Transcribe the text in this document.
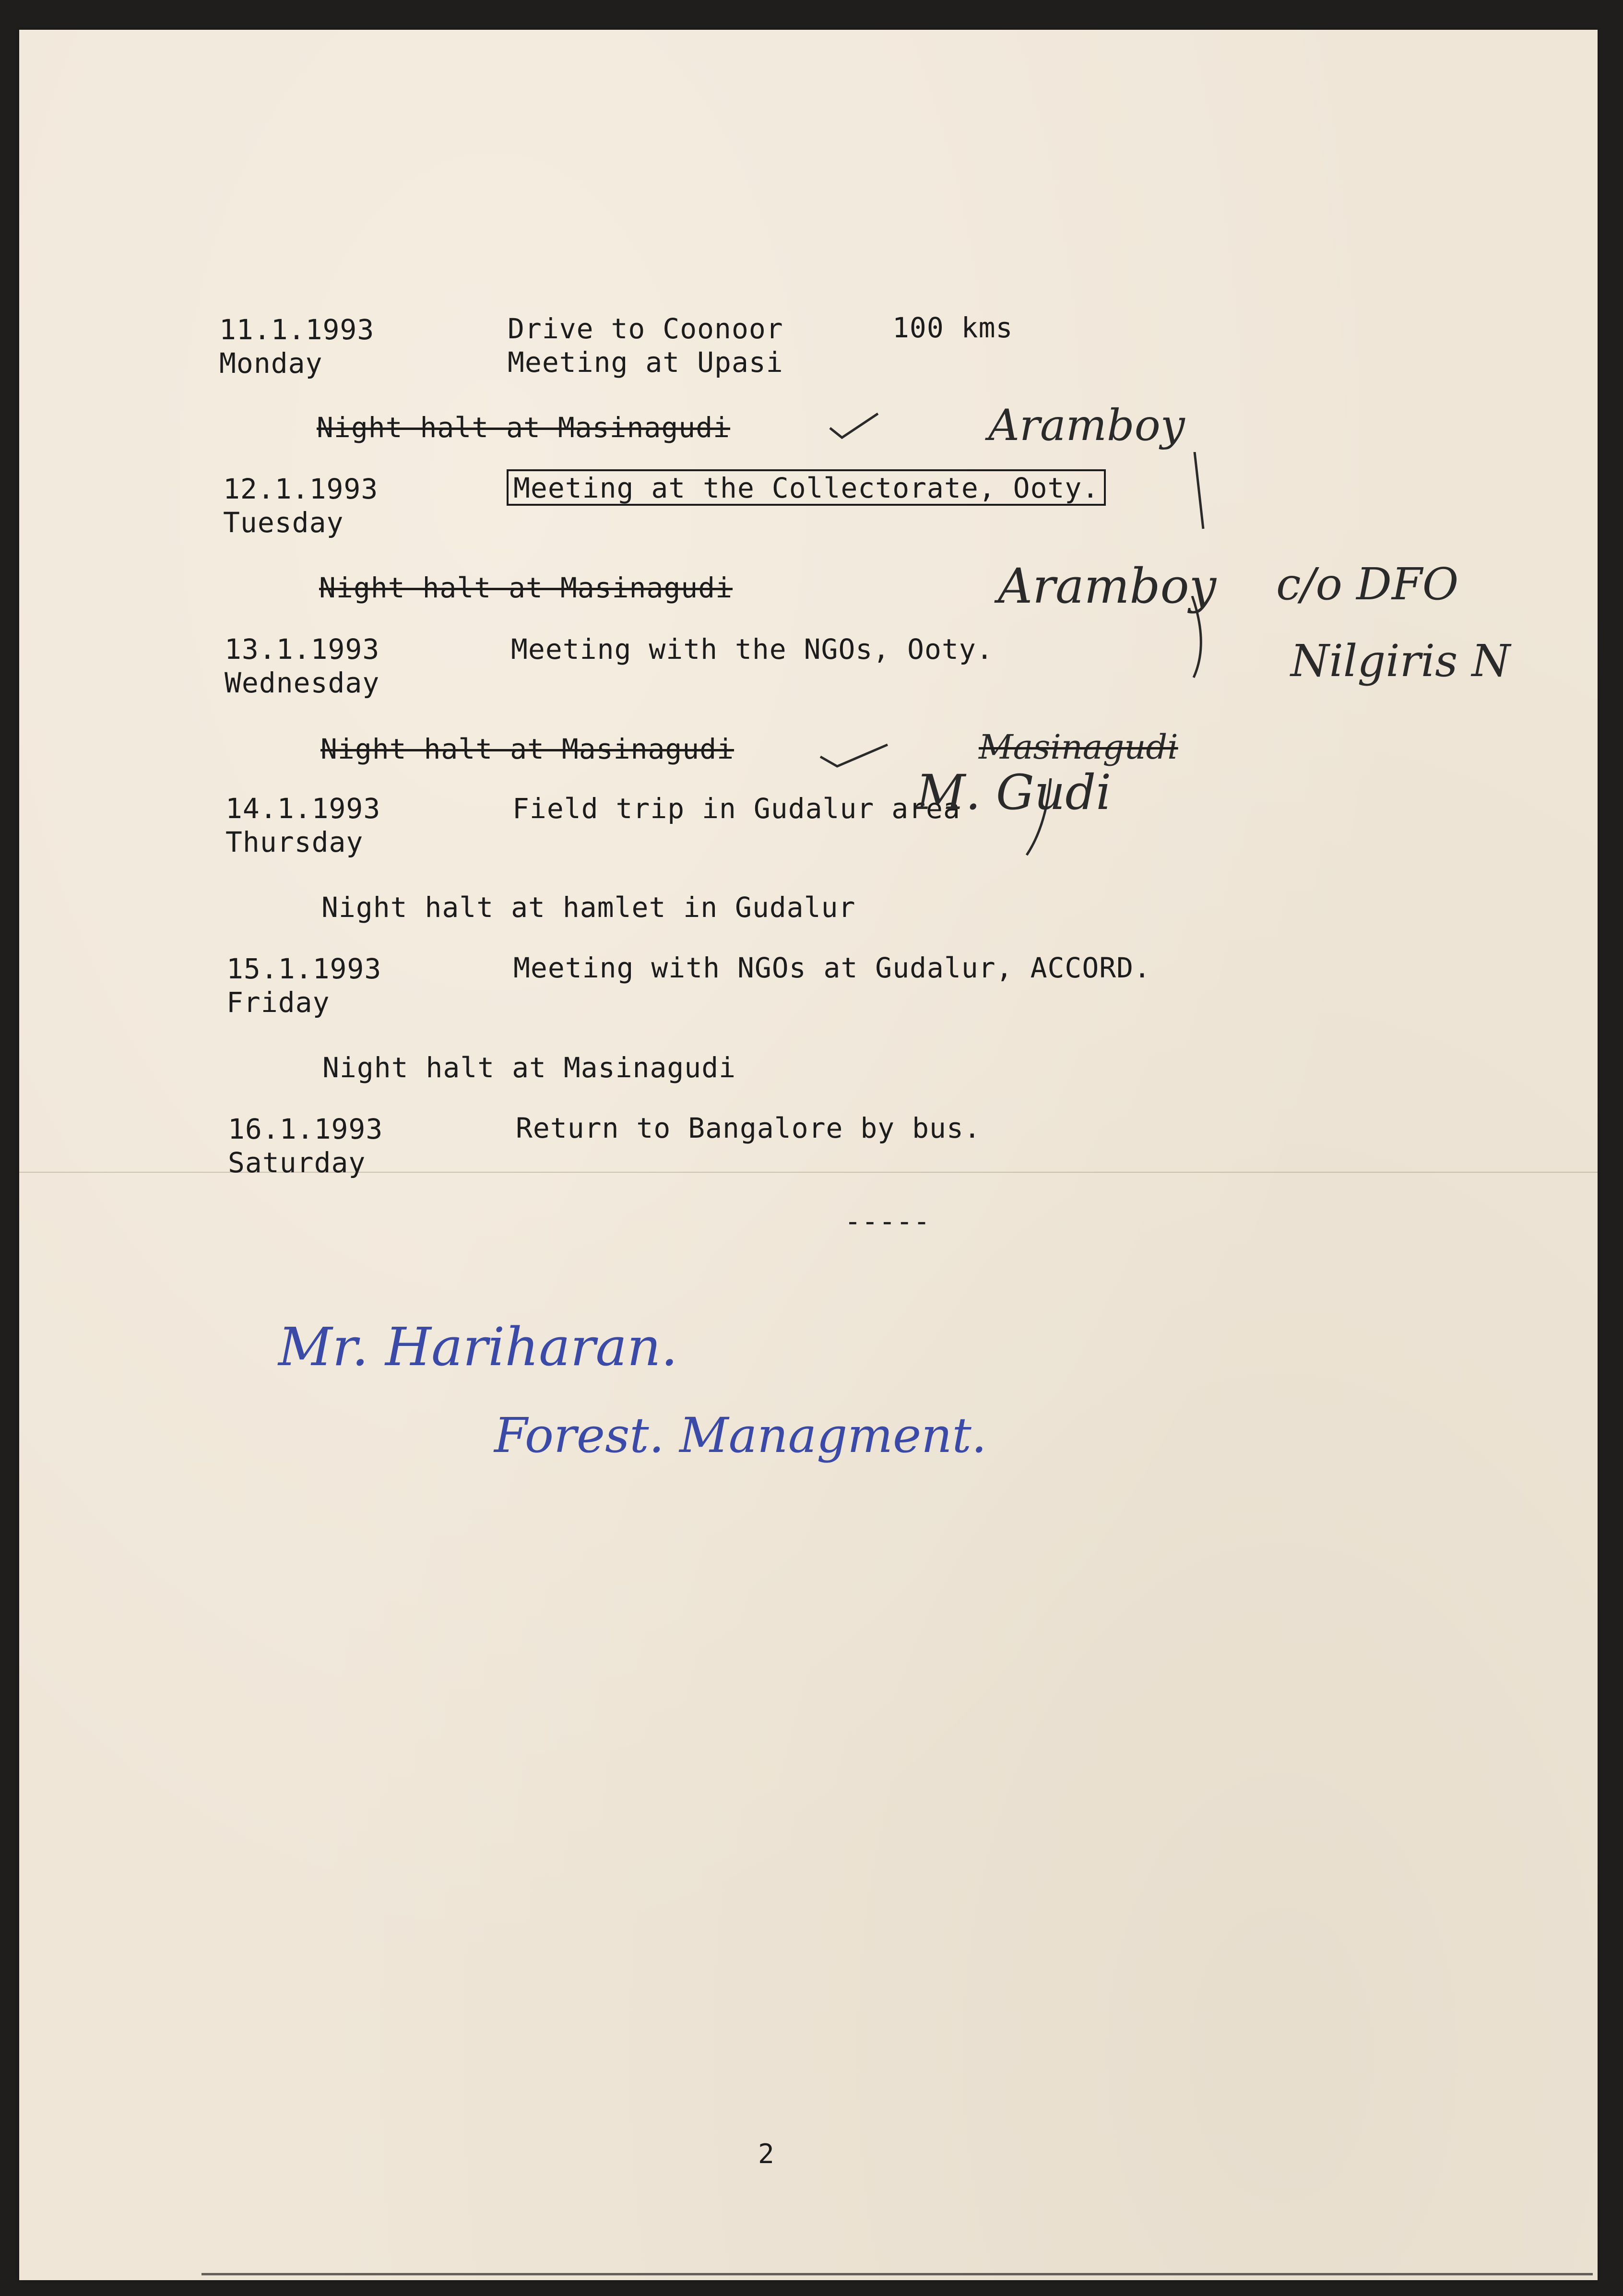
11.1.1993
Monday
Drive to Coonoor
Meeting at Upasi
100 kms
Night halt at Masinagudi
12.1.1993
Tuesday
Meeting at the Collectorate, Ooty.
Night halt at Masinagudi
13.1.1993
Wednesday
Meeting with the NGOs, Ooty.
Night halt at Masinagudi
14.1.1993
Thursday
Field trip in Gudalur area
Night halt at hamlet in Gudalur
15.1.1993
Friday
Meeting with NGOs at Gudalur, ACCORD.
Night halt at Masinagudi
16.1.1993
Saturday
Return to Bangalore by bus.
-----
Aramboy
Aramboy c/o DFO
Nilgiris N
Masinagudi
M. Gudi
Mr. Hariharan.
Forest. Managment.
2
